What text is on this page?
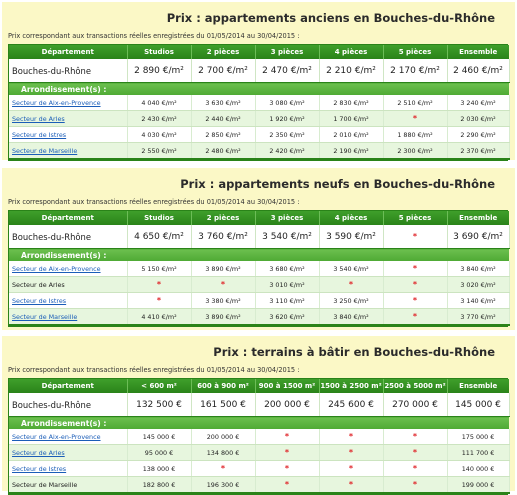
Prix : appartements anciens en Bouches-du-Rhône
Prix correspondant aux transactions réelles enregistrées du 01/05/2014 au 30/04/2015 :
Département	Studios	2 pièces	3 pièces	4 pièces	5 pièces	Ensemble
Bouches-du-Rhône	2 890 €/m²	2 700 €/m²	2 470 €/m²	2 210 €/m²	2 170 €/m²	2 460 €/m²
Arrondissement(s) :						
Secteur de Aix-en-Provence	4 040 €/m²	3 630 €/m²	3 080 €/m²	2 830 €/m²	2 510 €/m²	3 240 €/m²
Secteur de Arles	2 430 €/m²	2 440 €/m²	1 920 €/m²	1 700 €/m²	*	2 030 €/m²
Secteur de Istres	4 030 €/m²	2 850 €/m²	2 350 €/m²	2 010 €/m²	1 880 €/m²	2 290 €/m²
Secteur de Marseille	2 550 €/m²	2 480 €/m²	2 420 €/m²	2 190 €/m²	2 300 €/m²	2 370 €/m²
Prix : appartements neufs en Bouches-du-Rhône
Prix correspondant aux transactions réelles enregistrées du 01/05/2014 au 30/04/2015 :
Département	Studios	2 pièces	3 pièces	4 pièces	5 pièces	Ensemble
Bouches-du-Rhône	4 650 €/m²	3 760 €/m²	3 540 €/m²	3 590 €/m²	*	3 690 €/m²
Arrondissement(s) :						
Secteur de Aix-en-Provence	5 150 €/m²	3 890 €/m²	3 680 €/m²	3 540 €/m²	*	3 840 €/m²
Secteur de Arles	*	*	3 010 €/m²	*	*	3 020 €/m²
Secteur de Istres	*	3 380 €/m²	3 110 €/m²	3 250 €/m²	*	3 140 €/m²
Secteur de Marseille	4 410 €/m²	3 890 €/m²	3 620 €/m²	3 840 €/m²	*	3 770 €/m²
Prix : terrains à bâtir en Bouches-du-Rhône
Prix correspondant aux transactions réelles enregistrées du 01/05/2014 au 30/04/2015 :
Département	< 600 m²	600 à 900 m²	900 à 1500 m²	1500 à 2500 m²	2500 à 5000 m²	Ensemble
Bouches-du-Rhône	132 500 €	161 500 €	200 000 €	245 600 €	270 000 €	145 000 €
Arrondissement(s) :						
Secteur de Aix-en-Provence	145 000 €	200 000 €	*	*	*	175 000 €
Secteur de Arles	95 000 €	134 800 €	*	*	*	111 700 €
Secteur de Istres	138 000 €	*	*	*	*	140 000 €
Secteur de Marseille	182 800 €	196 300 €	*	*	*	199 000 €
